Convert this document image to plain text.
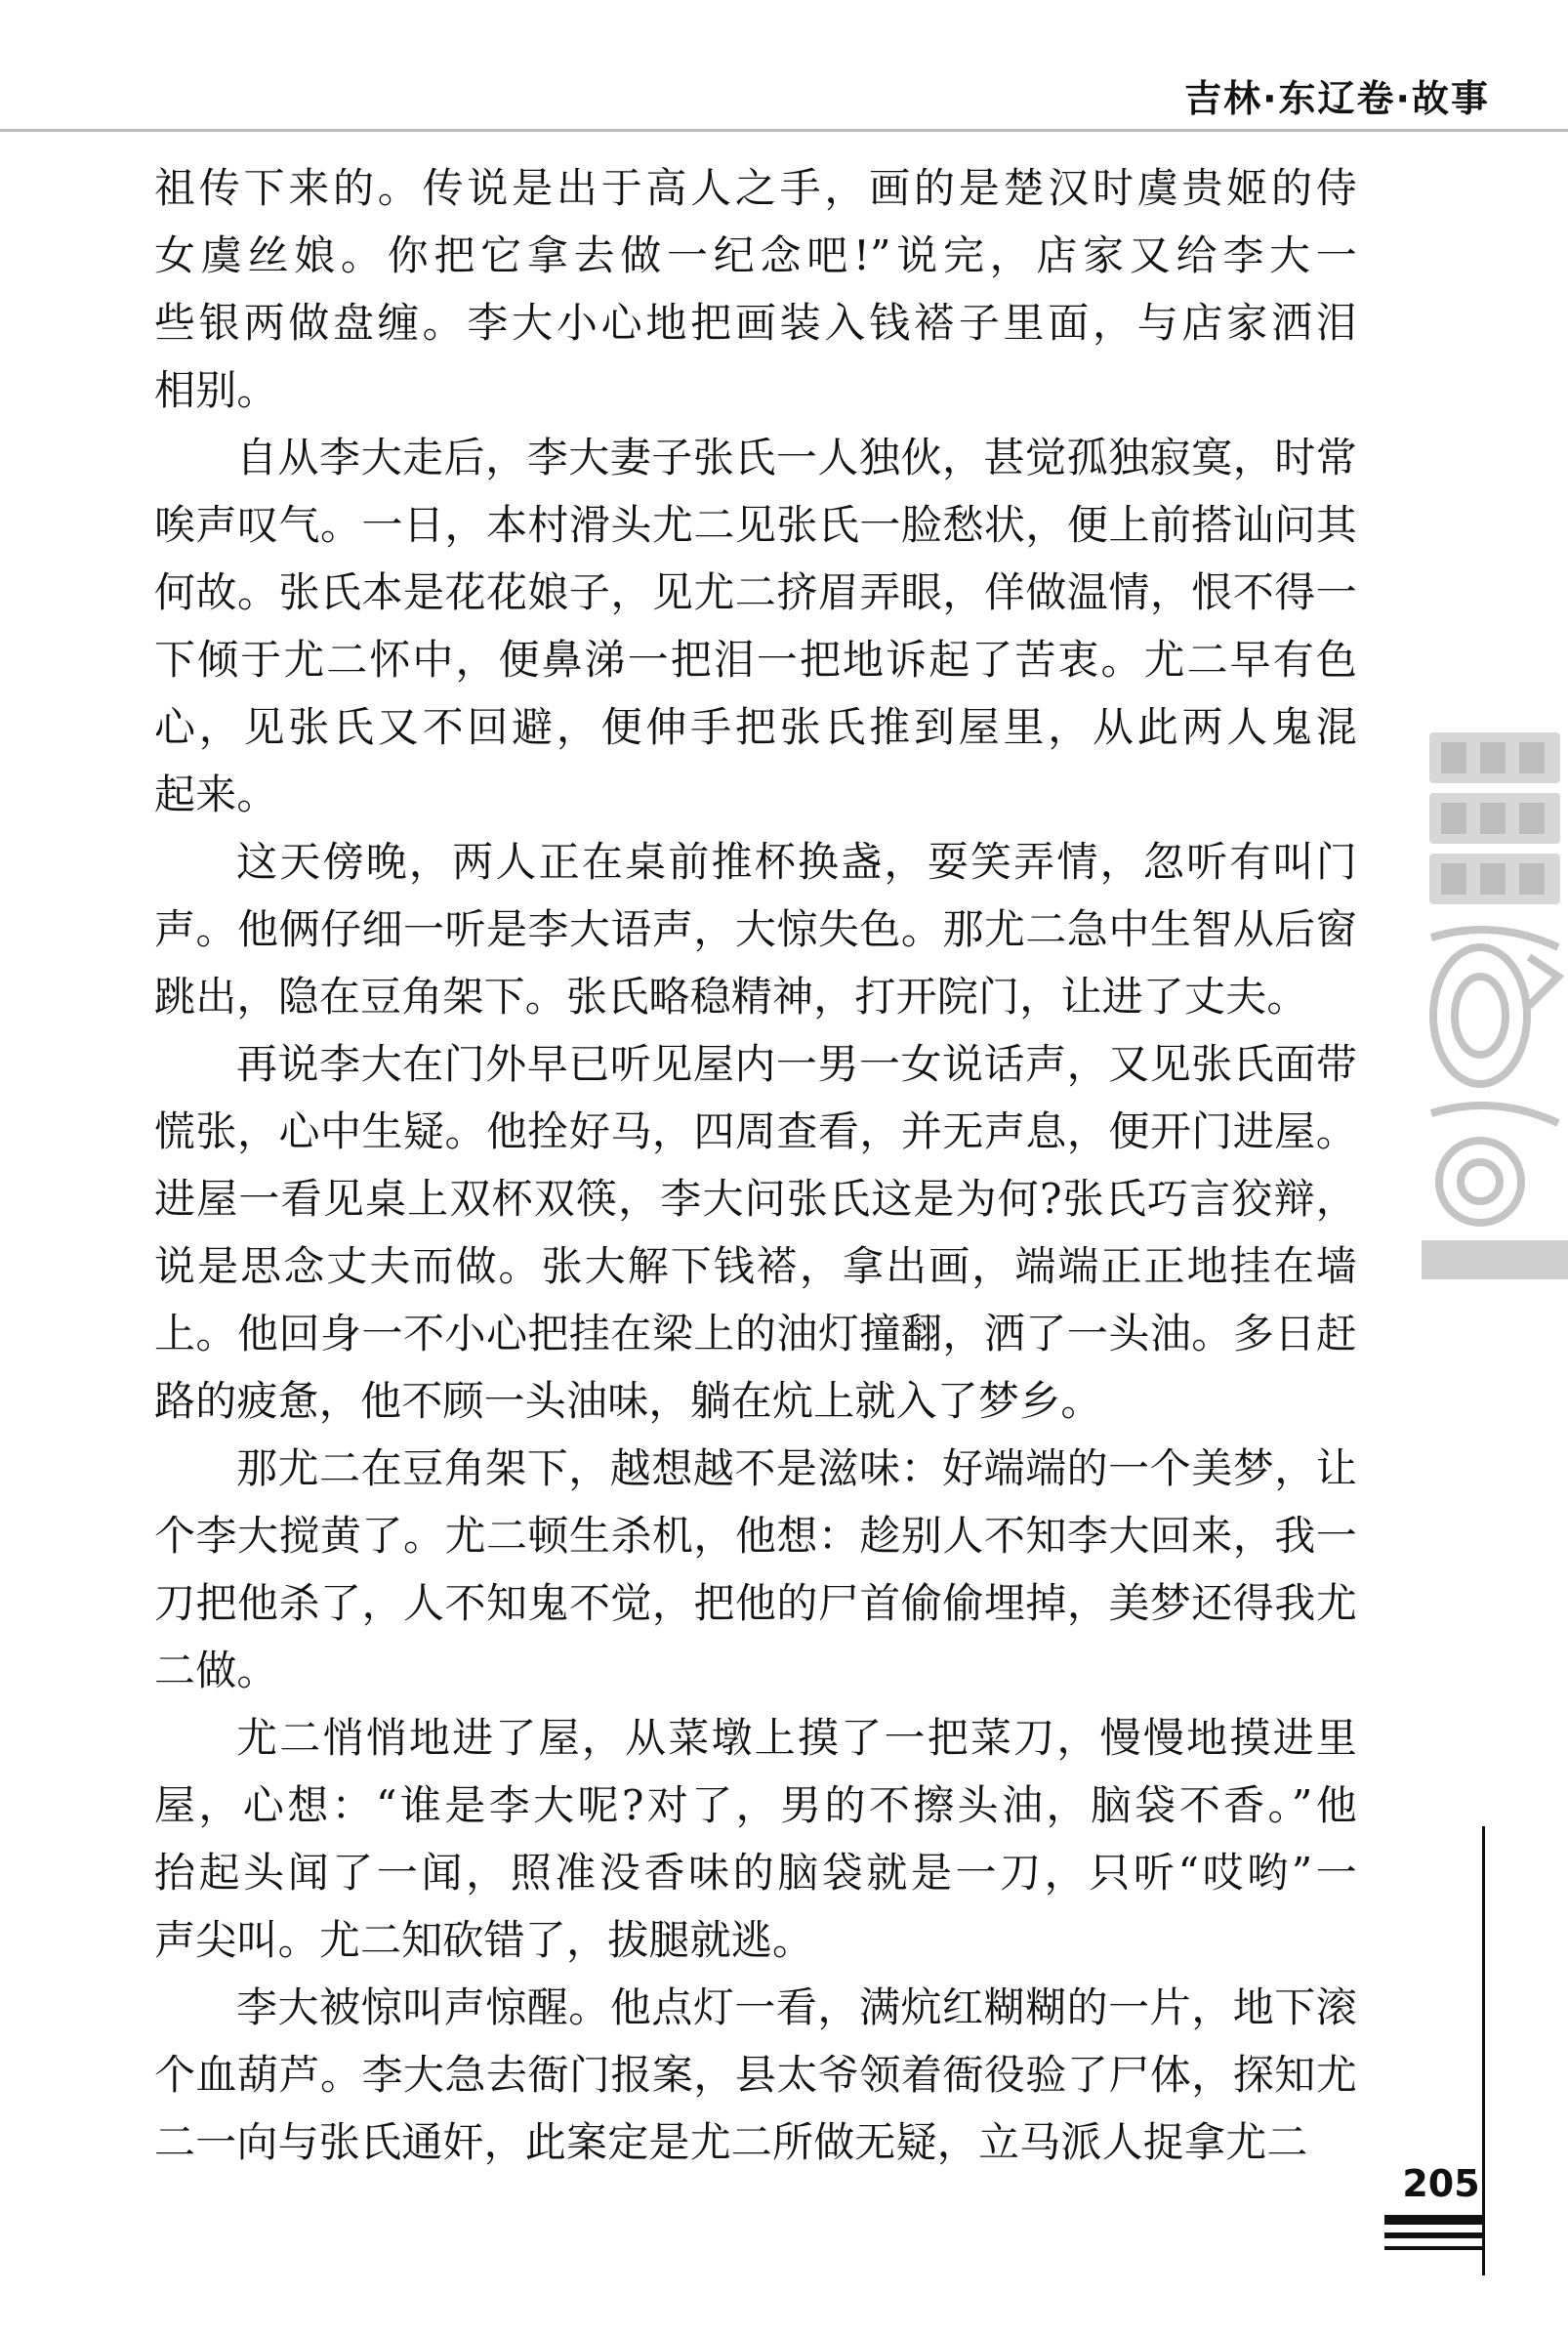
吉林·东辽卷·故事
祖传下来的。传说是出于高人之手，画的是楚汉时虞贵姬的侍
女虞丝娘。你把它拿去做一纪念吧!”说完，店家又给李大一
些银两做盘缠。李大小心地把画装入钱褡子里面，与店家洒泪
相别。
自从李大走后，李大妻子张氏一人独伙，甚觉孤独寂寞，时常
唉声叹气。一日，本村滑头尤二见张氏一脸愁状，便上前搭讪问其
何故。张氏本是花花娘子，见尤二挤眉弄眼，佯做温情，恨不得一
下倾于尤二怀中，便鼻涕一把泪一把地诉起了苦衷。尤二早有色
心，见张氏又不回避，便伸手把张氏推到屋里，从此两人鬼混
起来。
这天傍晚，两人正在桌前推杯换盏，耍笑弄情，忽听有叫门
声。他俩仔细一听是李大语声，大惊失色。那尤二急中生智从后窗
跳出，隐在豆角架下。张氏略稳精神，打开院门，让进了丈夫。
再说李大在门外早已听见屋内一男一女说话声，又见张氏面带
慌张，心中生疑。他拴好马，四周查看，并无声息，便开门进屋。
进屋一看见桌上双杯双筷，李大问张氏这是为何?张氏巧言狡辩，
说是思念丈夫而做。张大解下钱褡，拿出画，端端正正地挂在墙
上。他回身一不小心把挂在梁上的油灯撞翻，洒了一头油。多日赶
路的疲惫，他不顾一头油味，躺在炕上就入了梦乡。
那尤二在豆角架下，越想越不是滋味：好端端的一个美梦，让
个李大搅黄了。尤二顿生杀机，他想：趁别人不知李大回来，我一
刀把他杀了，人不知鬼不觉，把他的尸首偷偷埋掉，美梦还得我尤
二做。
尤二悄悄地进了屋，从菜墩上摸了一把菜刀，慢慢地摸进里
屋，心想：“谁是李大呢?对了，男的不擦头油，脑袋不香。”他
抬起头闻了一闻，照准没香味的脑袋就是一刀，只听“哎哟”一
声尖叫。尤二知砍错了，拔腿就逃。
李大被惊叫声惊醒。他点灯一看，满炕红糊糊的一片，地下滚
个血葫芦。李大急去衙门报案，县太爷领着衙役验了尸体，探知尤
二一向与张氏通奸，此案定是尤二所做无疑，立马派人捉拿尤二
205
